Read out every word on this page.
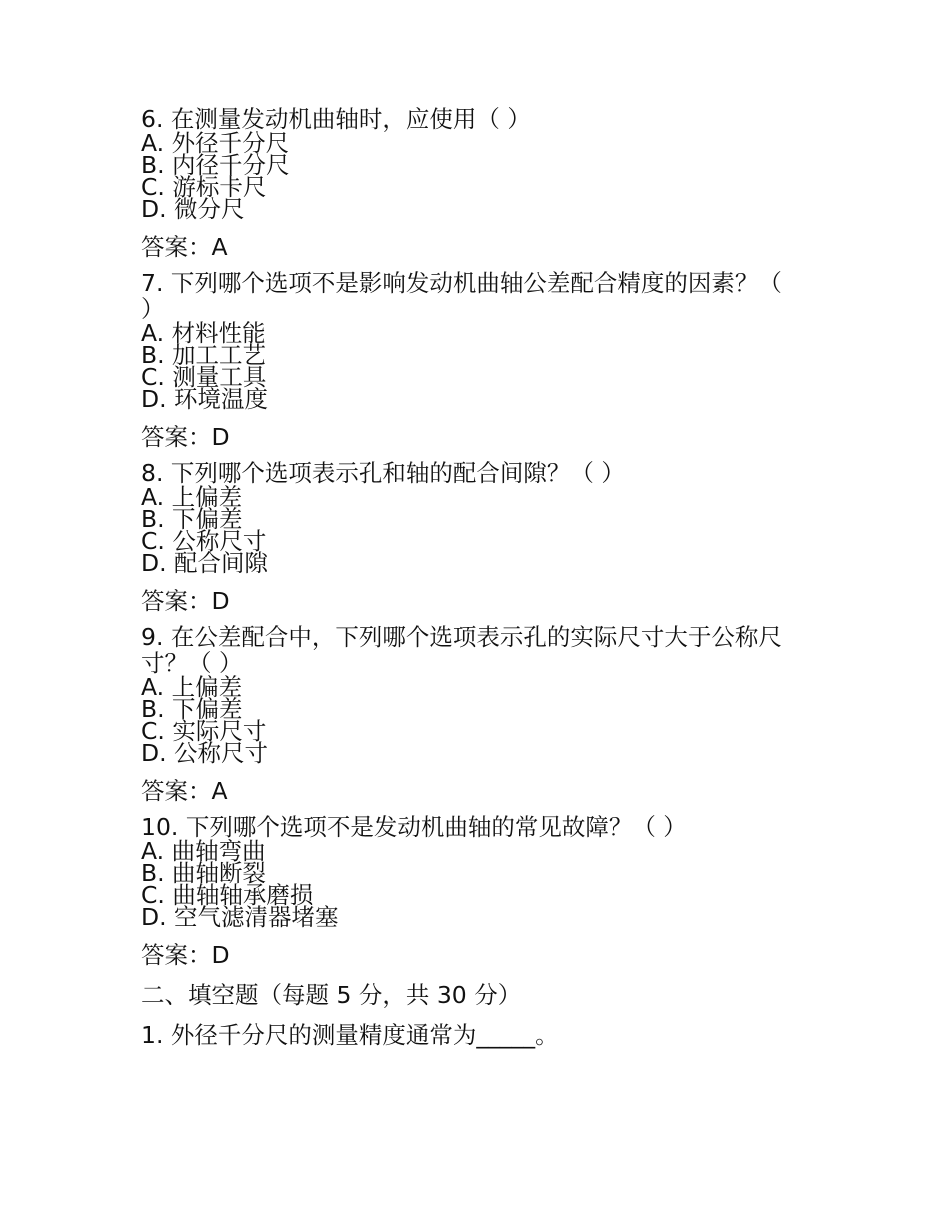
6. 在测量发动机曲轴时，应使用（ ）

A. 外径千分尺

B. 内径千分尺

C. 游标卡尺

D. 微分尺

答案：A

7. 下列哪个选项不是影响发动机曲轴公差配合精度的因素？（ ）

A. 材料性能

B. 加工工艺

C. 测量工具

D. 环境温度

答案：D

8. 下列哪个选项表示孔和轴的配合间隙？（ ）

A. 上偏差

B. 下偏差

C. 公称尺寸

D. 配合间隙

答案：D

9. 在公差配合中，下列哪个选项表示孔的实际尺寸大于公称尺寸？（ ）

A. 上偏差

B. 下偏差

C. 实际尺寸

D. 公称尺寸

答案：A

10. 下列哪个选项不是发动机曲轴的常见故障？（ ）

A. 曲轴弯曲

B. 曲轴断裂

C. 曲轴轴承磨损

D. 空气滤清器堵塞

答案：D

二、填空题（每题 5 分，共 30 分）

1. 外径千分尺的测量精度通常为_____。
